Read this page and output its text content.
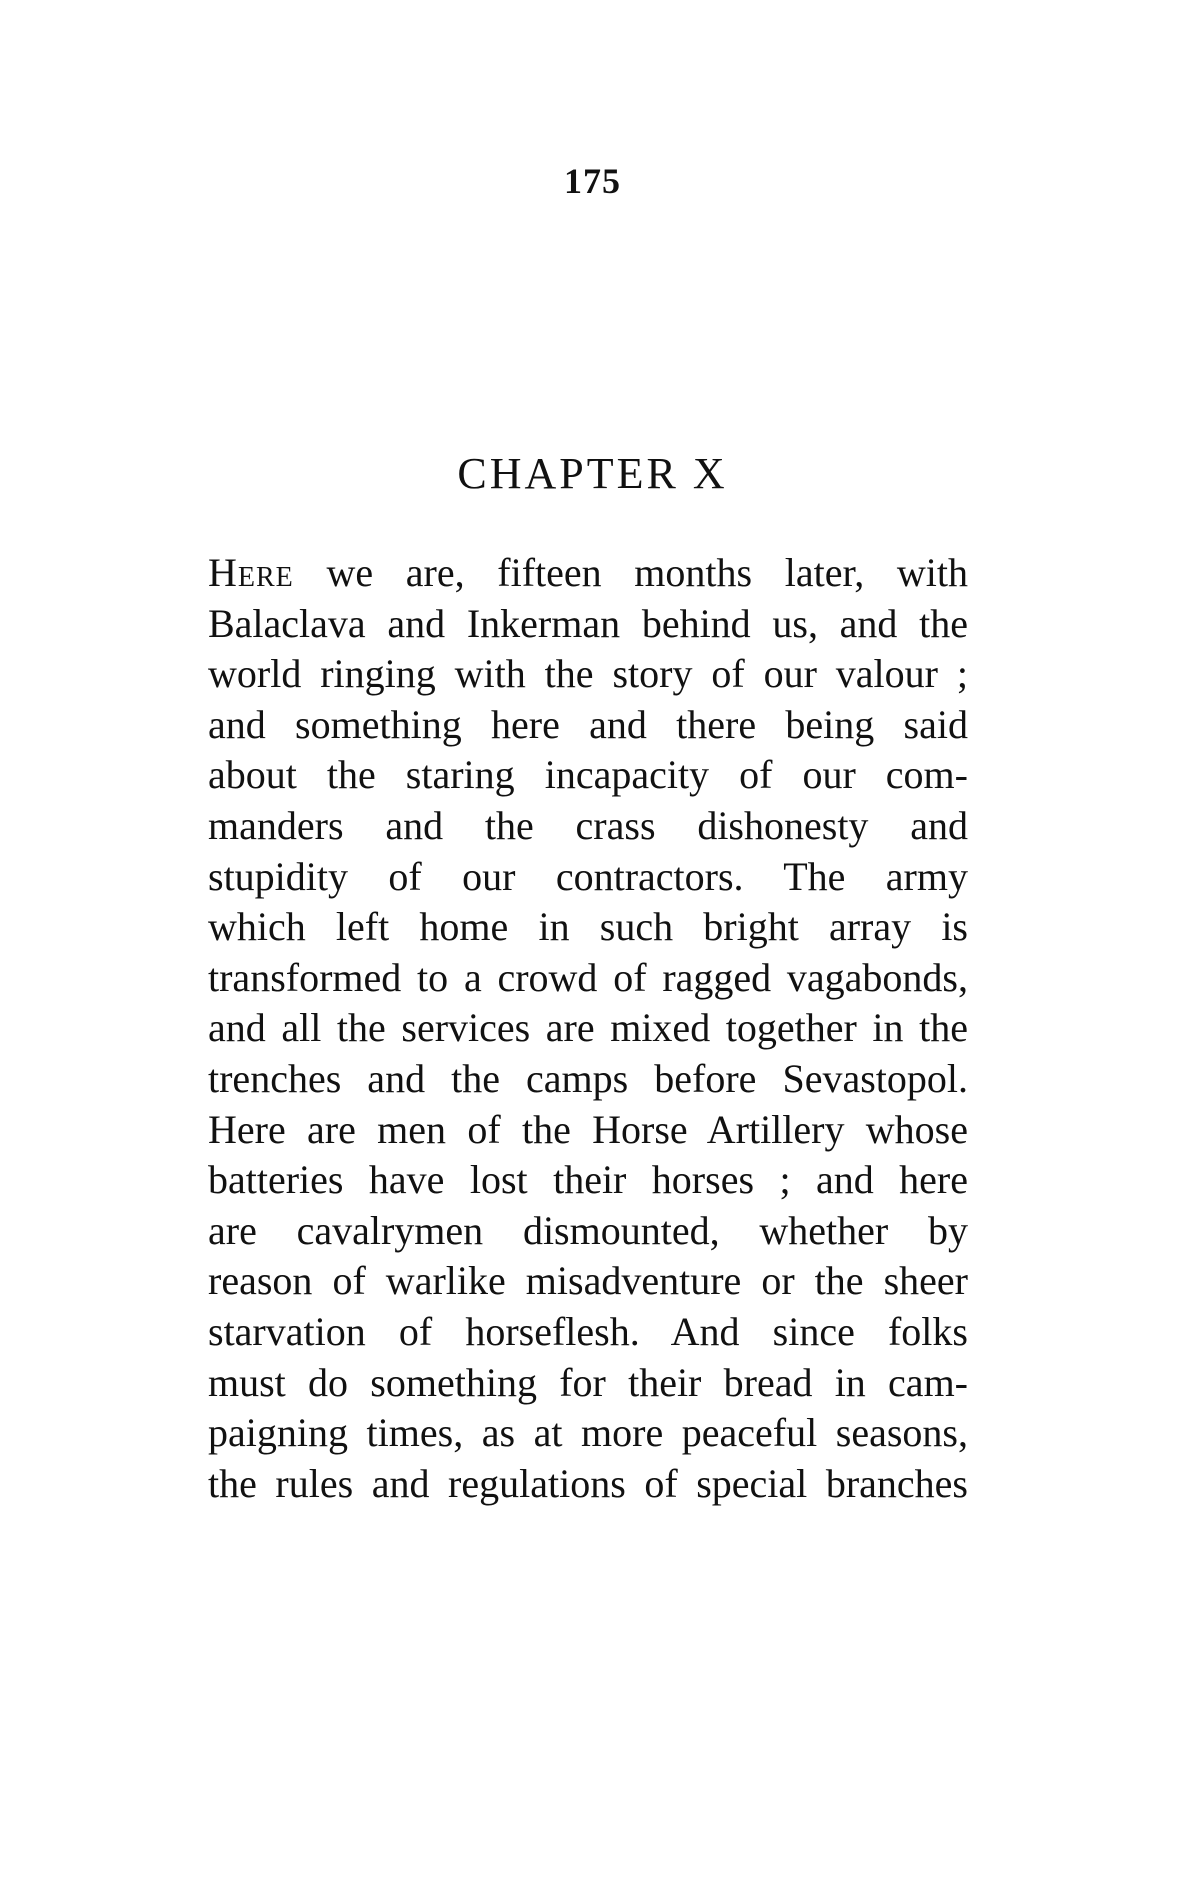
175
CHAPTER X
Here we are, fifteen months later, with
Balaclava and Inkerman behind us, and the
world ringing with the story of our valour ;
and something here and there being said
about the staring incapacity of our com-
manders and the crass dishonesty and
stupidity of our contractors. The army
which left home in such bright array is
transformed to a crowd of ragged vagabonds,
and all the services are mixed together in the
trenches and the camps before Sevastopol.
Here are men of the Horse Artillery whose
batteries have lost their horses ; and here
are cavalrymen dismounted, whether by
reason of warlike misadventure or the sheer
starvation of horseflesh. And since folks
must do something for their bread in cam-
paigning times, as at more peaceful seasons,
the rules and regulations of special branches
